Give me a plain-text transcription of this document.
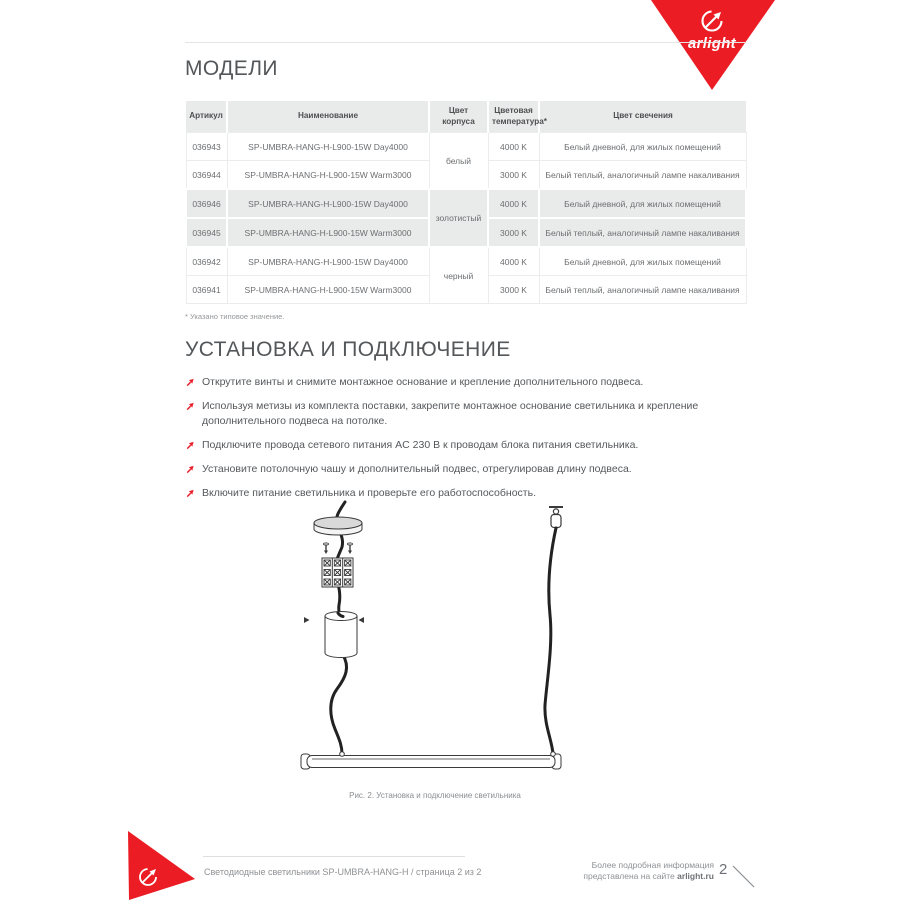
arlight
МОДЕЛИ
Артикул	Наименование	Цвет корпуса	Цветовая температура*	Цвет свечения
036943	SP-UMBRA-HANG-H-L900-15W Day4000	белый	4000 K	Белый дневной, для жилых помещений
036944	SP-UMBRA-HANG-H-L900-15W Warm3000		3000 K	Белый теплый, аналогичный лампе накаливания
036946	SP-UMBRA-HANG-H-L900-15W Day4000	золотистый	4000 K	Белый дневной, для жилых помещений
036945	SP-UMBRA-HANG-H-L900-15W Warm3000		3000 K	Белый теплый, аналогичный лампе накаливания
036942	SP-UMBRA-HANG-H-L900-15W Day4000	черный	4000 K	Белый дневной, для жилых помещений
036941	SP-UMBRA-HANG-H-L900-15W Warm3000		3000 K	Белый теплый, аналогичный лампе накаливания
* Указано типовое значение.
УСТАНОВКА И ПОДКЛЮЧЕНИЕ
Открутите винты и снимите монтажное основание и крепление дополнительного подвеса.
Используя метизы из комплекта поставки, закрепите монтажное основание светильника и крепление дополнительного подвеса на потолке.
Подключите провода сетевого питания AC 230 В к проводам блока питания светильника.
Установите потолочную чашу и дополнительный подвес, отрегулировав длину подвеса.
Включите питание светильника и проверьте его работоспособность.
Рис. 2. Установка и подключение светильника
Светодиодные светильники SP-UMBRA-HANG-H / страница 2 из 2
Более подробная информация
представлена на сайте arlight.ru 2
